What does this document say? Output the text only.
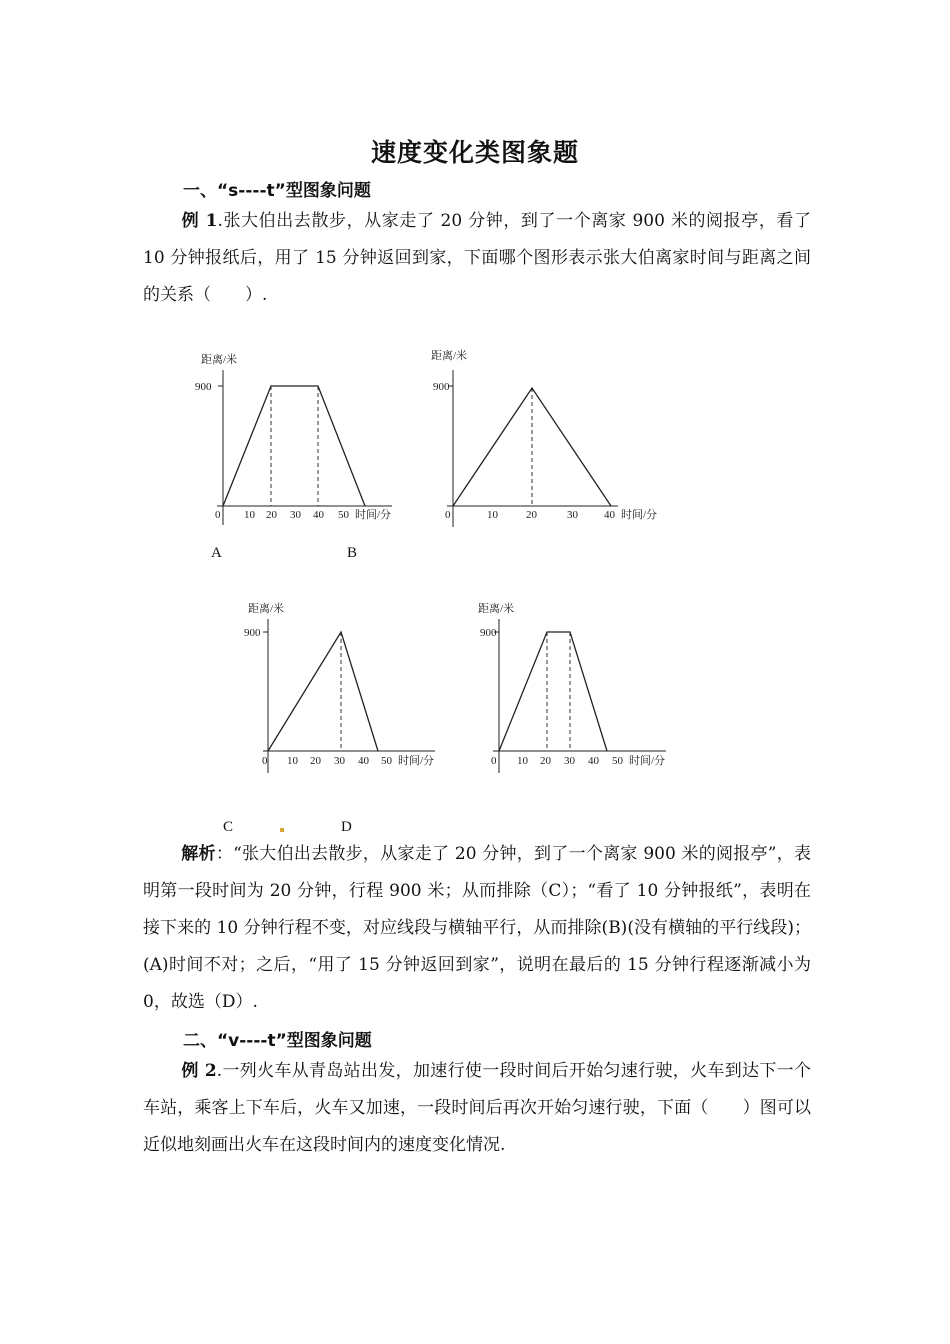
速度变化类图象题
一、“s----t”型图象问题
例 1.张大伯出去散步，从家走了 20 分钟，到了一个离家 900 米的阅报亭，看了 10 分钟报纸后，用了 15 分钟返回到家，下面哪个图形表示张大伯离家时间与距离之间的关系（　　）.
距离/米
900
0 10 20 30 40 50 时间/分
距离/米
900
0	10	20	30 40 时间/分
A	B
距离/米
900
0 10 20 30 40 50 时间/分
距离/米
900
0 10 20 30 40 50 时间/分
C	D
解析：“张大伯出去散步，从家走了 20 分钟，到了一个离家 900 米的阅报亭”，表明第一段时间为 20 分钟，行程 900 米；从而排除（C）；“看了 10 分钟报纸”，表明在接下来的 10 分钟行程不变，对应线段与横轴平行，从而排除(B)(没有横轴的平行线段)；(A)时间不对；之后，“用了 15 分钟返回到家”，说明在最后的 15 分钟行程逐渐减小为 0，故选（D）.
二、“v----t”型图象问题
例 2.一列火车从青岛站出发，加速行使一段时间后开始匀速行驶，火车到达下一个车站，乘客上下车后，火车又加速，一段时间后再次开始匀速行驶，下面（　　）图可以近似地刻画出火车在这段时间内的速度变化情况.
